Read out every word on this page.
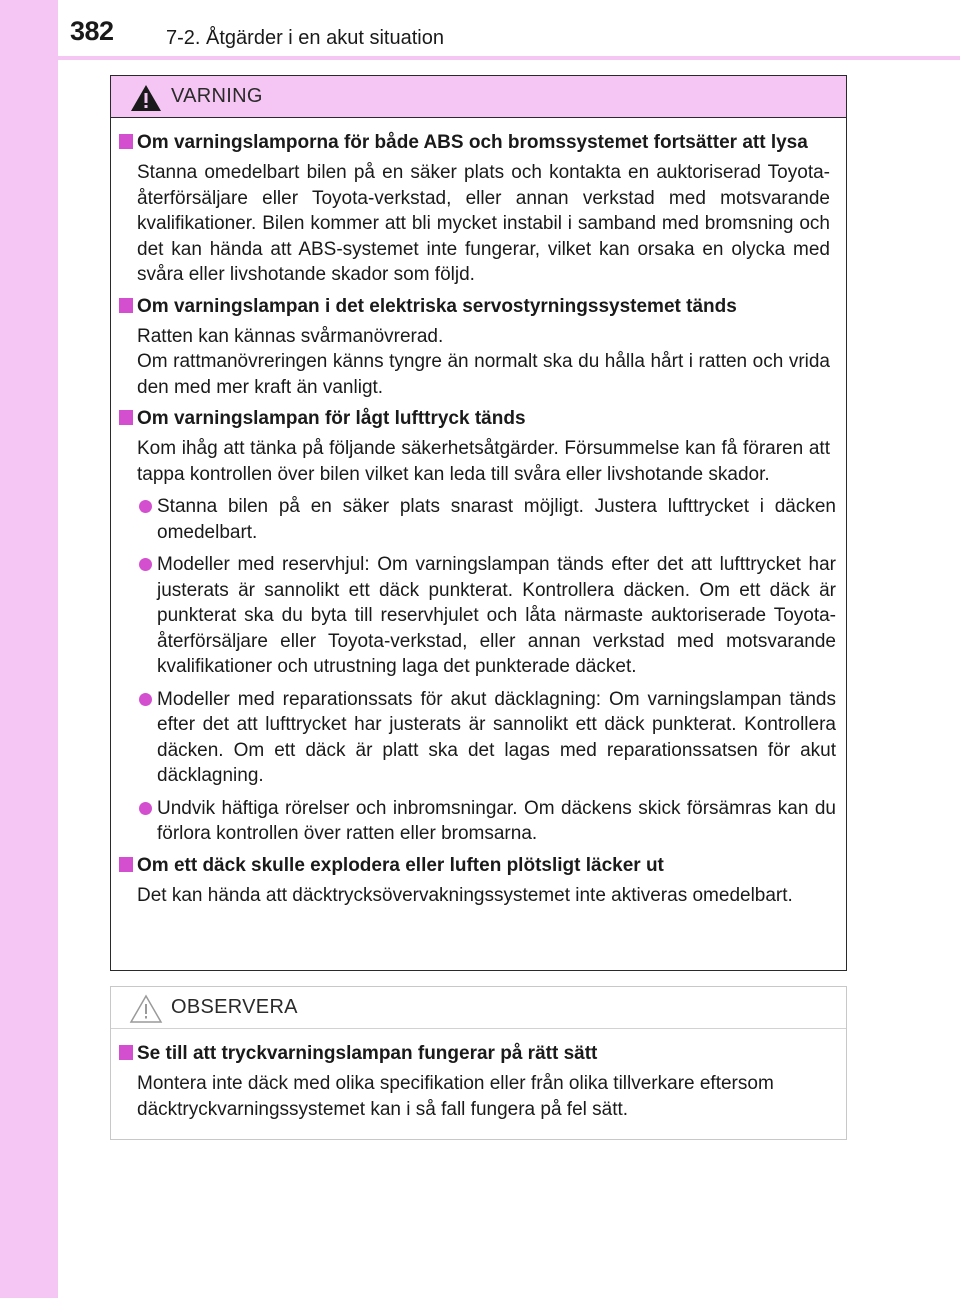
382	7-2. Åtgärder i en akut situation
VARNING
Om varningslamporna för både ABS och bromssystemet fortsätter att lysa
Stanna omedelbart bilen på en säker plats och kontakta en auktoriserad Toyota-återförsäljare eller Toyota-verkstad, eller annan verkstad med motsvarande kvalifikationer. Bilen kommer att bli mycket instabil i samband med bromsning och det kan hända att ABS-systemet inte fungerar, vilket kan orsaka en olycka med svåra eller livshotande skador som följd.
Om varningslampan i det elektriska servostyrningssystemet tänds
Ratten kan kännas svårmanövrerad.
Om rattmanövreringen känns tyngre än normalt ska du hålla hårt i ratten och vrida den med mer kraft än vanligt.
Om varningslampan för lågt lufttryck tänds
Kom ihåg att tänka på följande säkerhetsåtgärder. Försummelse kan få föraren att tappa kontrollen över bilen vilket kan leda till svåra eller livshotande skador.
Stanna bilen på en säker plats snarast möjligt. Justera lufttrycket i däcken omedelbart.
Modeller med reservhjul: Om varningslampan tänds efter det att lufttrycket har justerats är sannolikt ett däck punkterat. Kontrollera däcken. Om ett däck är punkterat ska du byta till reservhjulet och låta närmaste auktoriserade Toyota-återförsäljare eller Toyota-verkstad, eller annan verkstad med motsvarande kvalifikationer och utrustning laga det punkterade däcket.
Modeller med reparationssats för akut däcklagning: Om varningslampan tänds efter det att lufttrycket har justerats är sannolikt ett däck punkterat. Kontrollera däcken. Om ett däck är platt ska det lagas med reparationssatsen för akut däcklagning.
Undvik häftiga rörelser och inbromsningar. Om däckens skick försämras kan du förlora kontrollen över ratten eller bromsarna.
Om ett däck skulle explodera eller luften plötsligt läcker ut
Det kan hända att däcktrycksövervakningssystemet inte aktiveras omedelbart.
OBSERVERA
Se till att tryckvarningslampan fungerar på rätt sätt
Montera inte däck med olika specifikation eller från olika tillverkare eftersom däcktryckvarningssystemet kan i så fall fungera på fel sätt.
